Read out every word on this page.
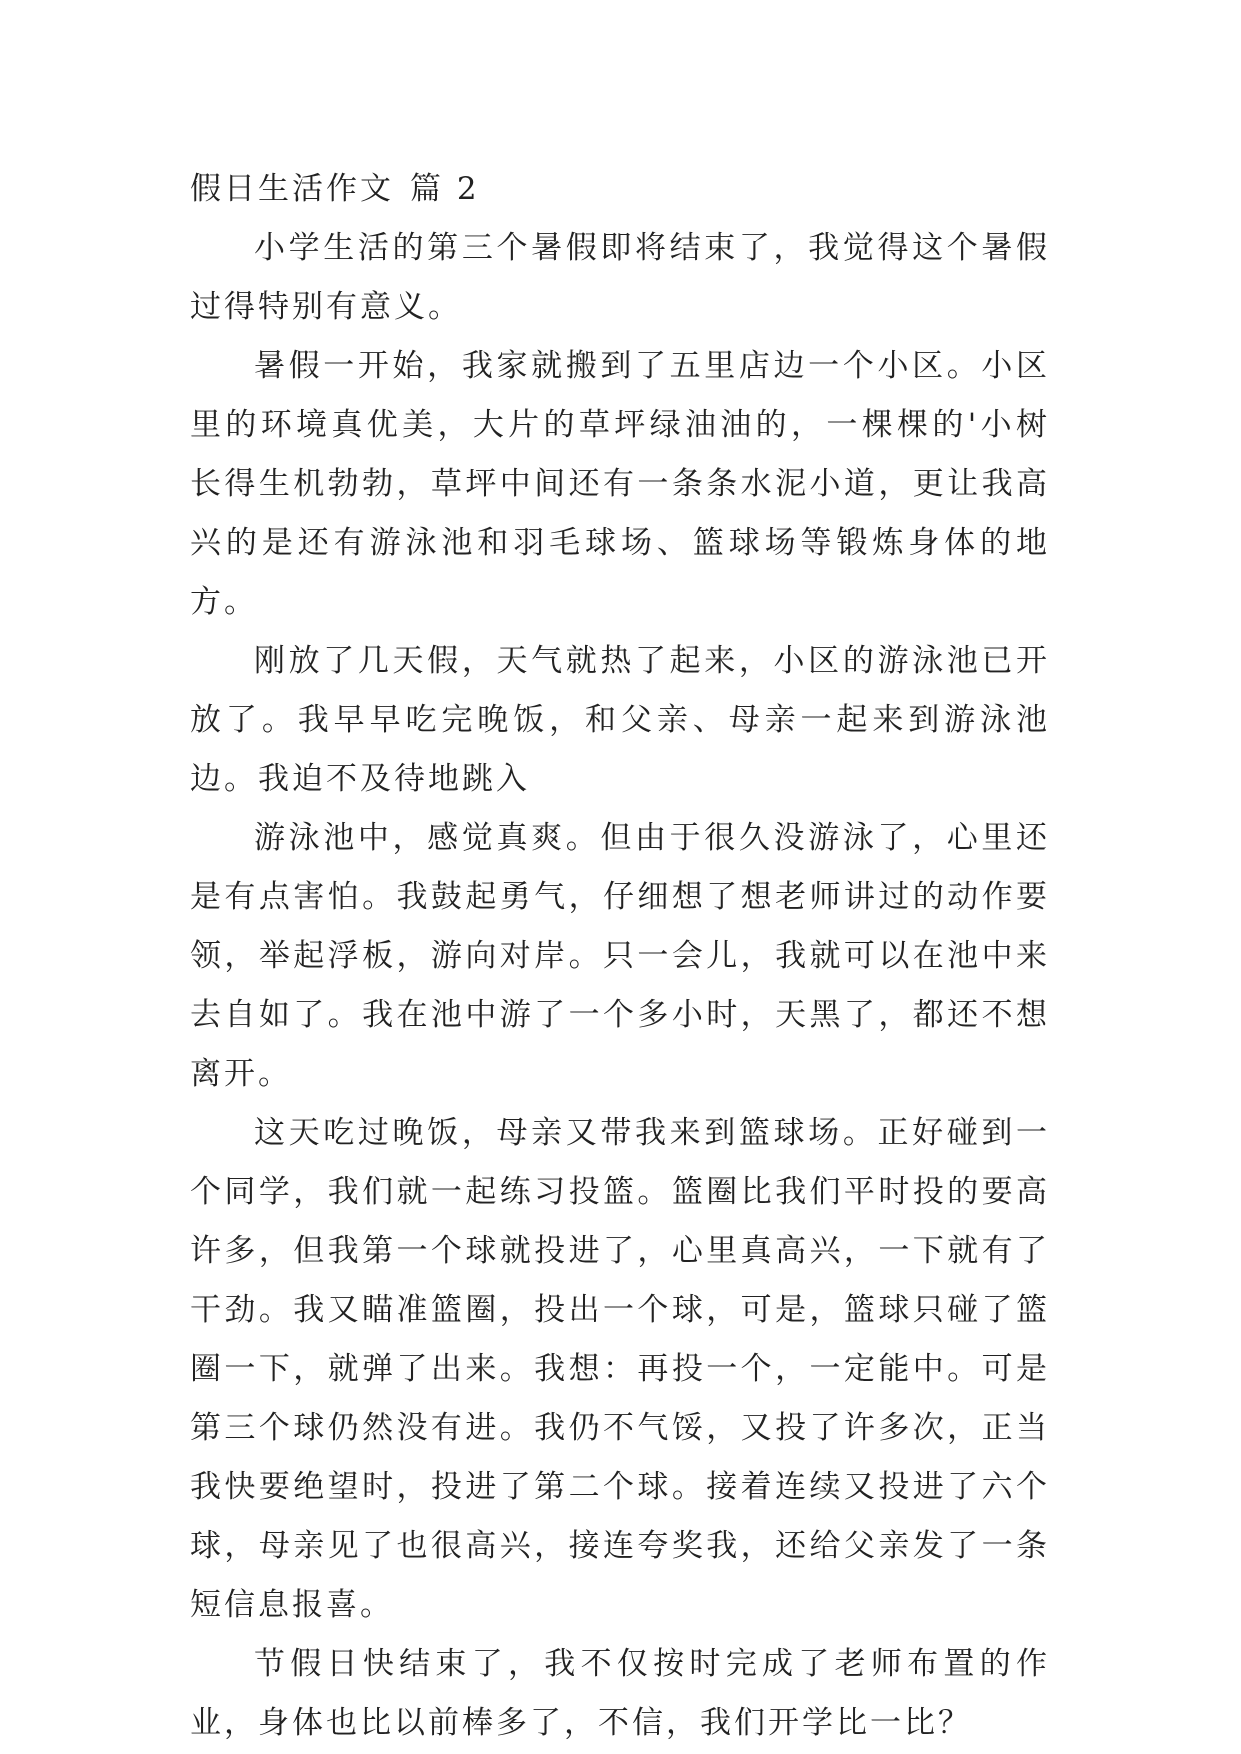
假日生活作文 篇 2

小学生活的第三个暑假即将结束了，我觉得这个暑假过得特别有意义。

暑假一开始，我家就搬到了五里店边一个小区。小区里的环境真优美，大片的草坪绿油油的，一棵棵的'小树长得生机勃勃，草坪中间还有一条条水泥小道，更让我高兴的是还有游泳池和羽毛球场、篮球场等锻炼身体的地方。

刚放了几天假，天气就热了起来，小区的游泳池已开放了。我早早吃完晚饭，和父亲、母亲一起来到游泳池边。我迫不及待地跳入

游泳池中，感觉真爽。但由于很久没游泳了，心里还是有点害怕。我鼓起勇气，仔细想了想老师讲过的动作要领，举起浮板，游向对岸。只一会儿，我就可以在池中来去自如了。我在池中游了一个多小时，天黑了，都还不想离开。

这天吃过晚饭，母亲又带我来到篮球场。正好碰到一个同学，我们就一起练习投篮。篮圈比我们平时投的要高许多，但我第一个球就投进了，心里真高兴，一下就有了干劲。我又瞄准篮圈，投出一个球，可是，篮球只碰了篮圈一下，就弹了出来。我想：再投一个，一定能中。可是第三个球仍然没有进。我仍不气馁，又投了许多次，正当我快要绝望时，投进了第二个球。接着连续又投进了六个球，母亲见了也很高兴，接连夸奖我，还给父亲发了一条短信息报喜。

节假日快结束了，我不仅按时完成了老师布置的作业，身体也比以前棒多了，不信，我们开学比一比？
